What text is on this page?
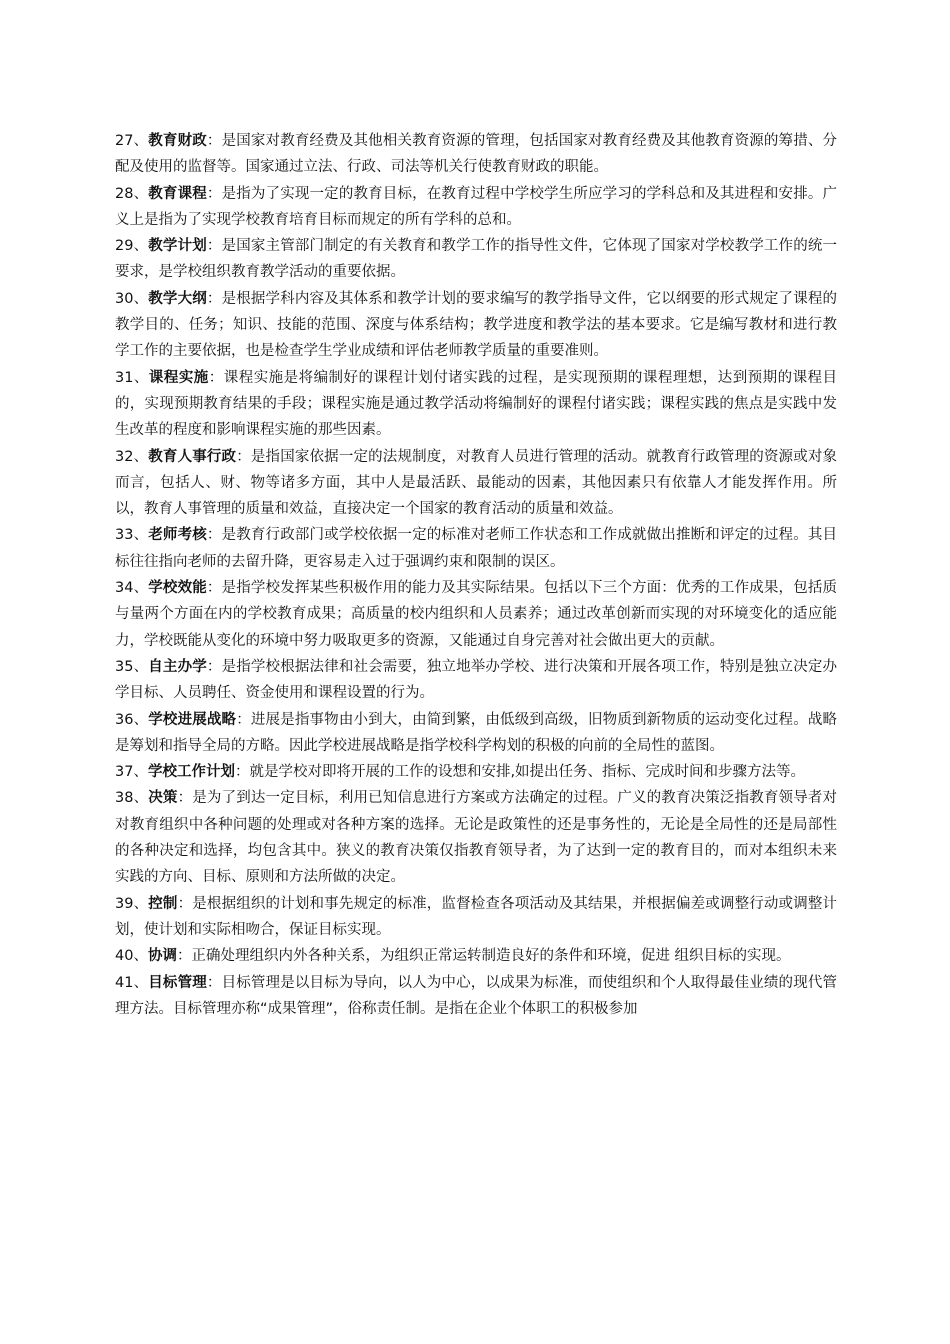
27、教育财政：是国家对教育经费及其他相关教育资源的管理，包括国家对教育经费及其他教育资源的筹措、分配及使用的监督等。国家通过立法、行政、司法等机关行使教育财政的职能。

28、教育课程：是指为了实现一定的教育目标，在教育过程中学校学生所应学习的学科总和及其进程和安排。广义上是指为了实现学校教育培育目标而规定的所有学科的总和。

29、教学计划：是国家主管部门制定的有关教育和教学工作的指导性文件，它体现了国家对学校教学工作的统一要求，是学校组织教育教学活动的重要依据。

30、教学大纲：是根据学科内容及其体系和教学计划的要求编写的教学指导文件，它以纲要的形式规定了课程的教学目的、任务；知识、技能的范围、深度与体系结构；教学进度和教学法的基本要求。它是编写教材和进行教学工作的主要依据，也是检查学生学业成绩和评估老师教学质量的重要准则。

31、课程实施：课程实施是将编制好的课程计划付诸实践的过程，是实现预期的课程理想，达到预期的课程目的，实现预期教育结果的手段；课程实施是通过教学活动将编制好的课程付诸实践；课程实践的焦点是实践中发生改革的程度和影响课程实施的那些因素。

32、教育人事行政：是指国家依据一定的法规制度，对教育人员进行管理的活动。就教育行政管理的资源或对象而言，包括人、财、物等诸多方面，其中人是最活跃、最能动的因素，其他因素只有依靠人才能发挥作用。所以，教育人事管理的质量和效益，直接决定一个国家的教育活动的质量和效益。

33、老师考核：是教育行政部门或学校依据一定的标准对老师工作状态和工作成就做出推断和评定的过程。其目标往往指向老师的去留升降，更容易走入过于强调约束和限制的误区。

34、学校效能：是指学校发挥某些积极作用的能力及其实际结果。包括以下三个方面：优秀的工作成果，包括质与量两个方面在内的学校教育成果；高质量的校内组织和人员素养；通过改革创新而实现的对环境变化的适应能力，学校既能从变化的环境中努力吸取更多的资源，又能通过自身完善对社会做出更大的贡献。

35、自主办学：是指学校根据法律和社会需要，独立地举办学校、进行决策和开展各项工作，特别是独立决定办学目标、人员聘任、资金使用和课程设置的行为。

36、学校进展战略：进展是指事物由小到大，由简到繁，由低级到高级，旧物质到新物质的运动变化过程。战略是筹划和指导全局的方略。因此学校进展战略是指学校科学构划的积极的向前的全局性的蓝图。

37、学校工作计划：就是学校对即将开展的工作的设想和安排,如提出任务、指标、完成时间和步骤方法等。

38、决策：是为了到达一定目标，利用已知信息进行方案或方法确定的过程。广义的教育决策泛指教育领导者对对教育组织中各种问题的处理或对各种方案的选择。无论是政策性的还是事务性的，无论是全局性的还是局部性的各种决定和选择，均包含其中。狭义的教育决策仅指教育领导者，为了达到一定的教育目的，而对本组织未来实践的方向、目标、原则和方法所做的决定。

39、控制：是根据组织的计划和事先规定的标准，监督检查各项活动及其结果，并根据偏差或调整行动或调整计划，使计划和实际相吻合，保证目标实现。

40、协调：正确处理组织内外各种关系，为组织正常运转制造良好的条件和环境，促进 组织目标的实现。

41、目标管理：目标管理是以目标为导向，以人为中心，以成果为标准，而使组织和个人取得最佳业绩的现代管理方法。目标管理亦称“成果管理”，俗称责任制。是指在企业个体职工的积极参加
